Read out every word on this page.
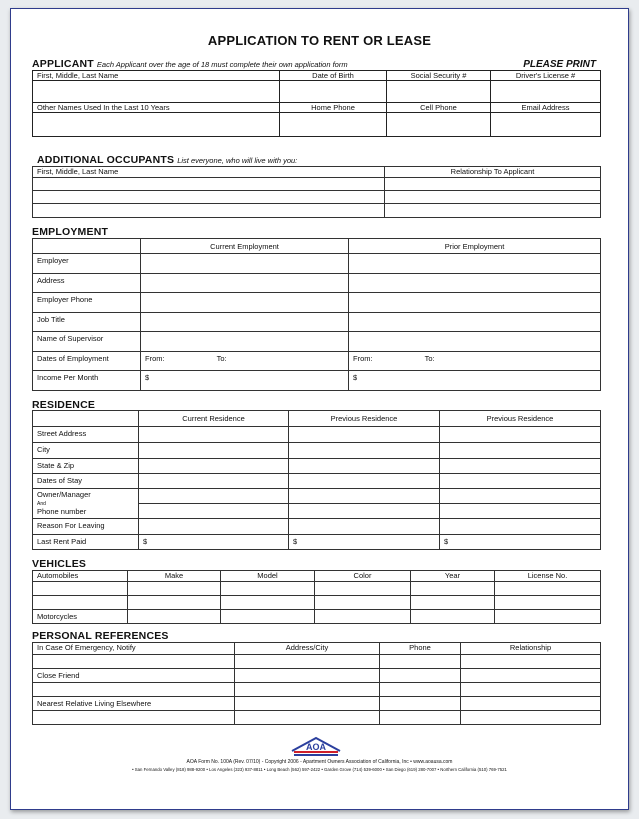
APPLICATION TO RENT OR LEASE
APPLICANT Each Applicant over the age of 18 must complete their own application form	PLEASE PRINT
First, Middle, Last Name	Date of Birth	Social Security #	Driver's License #

Other Names Used In the Last 10 Years	Home Phone	Cell Phone	Email Address

ADDITIONAL OCCUPANTS List everyone, who will live with you:
First, Middle, Last Name	Relationship To Applicant

EMPLOYMENT
	Current Employment	Prior Employment
Employer		
Address		
Employer Phone		
Job Title		
Name of Supervisor		
Dates of Employment	From: To:	From: To:
Income Per Month	$	$
RESIDENCE
	Current Residence	Previous Residence	Previous Residence
Street Address			
City			
State & Zip			
Dates of Stay			
Owner/Manager
And
Phone number			

Reason For Leaving			
Last Rent Paid	$	$	$
VEHICLES
Automobiles	Make	Model	Color	Year	License No.

Motorcycles					
PERSONAL REFERENCES
In Case Of Emergency, Notify	Address/City	Phone	Relationship

Close Friend			

Nearest Relative Living Elsewhere			

AOA
AOA Form No. 100A (Rev. 07/10) - Copyright 2006 - Apartment Owners Association of California, Inc • www.aoausa.com
• San Fernando Valley (818) 988-9200 • Los Angeles (323) 937-8811 • Long Beach (562) 597-2422 • Garden Grove (714) 539-6000 • San Diego (619) 280-7007 • Northern California (510) 769-7521
